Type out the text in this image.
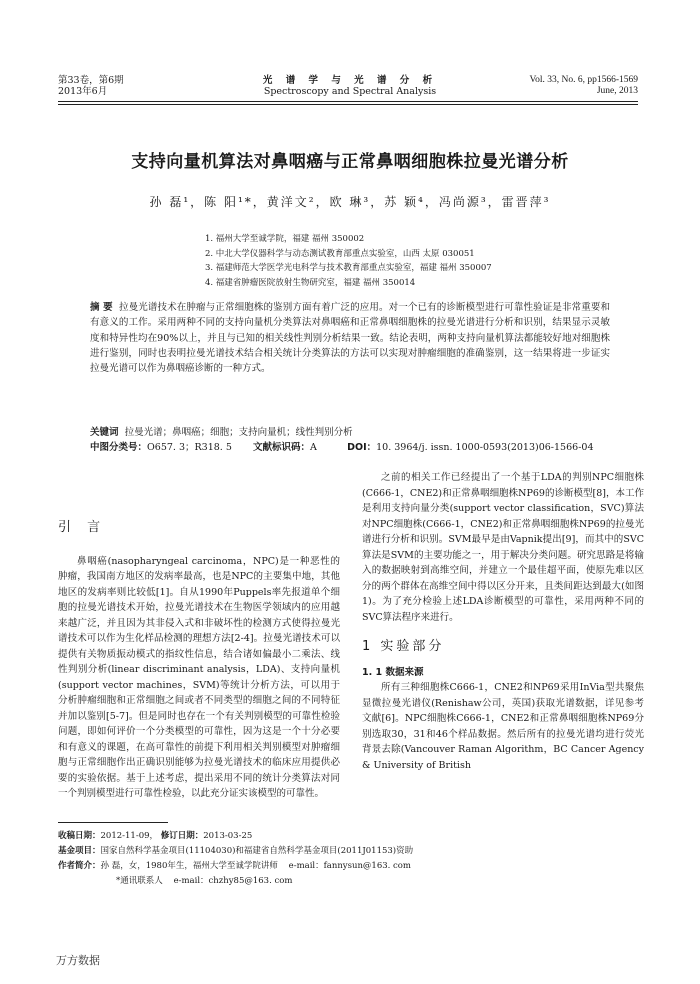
第33卷，第6期
2013年6月
光 谱 学 与 光 谱 分 析
Spectroscopy and Spectral Analysis
Vol. 33, No. 6, pp1566-1569
June, 2013
支持向量机算法对鼻咽癌与正常鼻咽细胞株拉曼光谱分析
孙 磊¹，陈 阳¹*，黄洋文²，欧 琳³，苏 颖⁴，冯尚源³，雷晋萍³
1. 福州大学至诚学院，福建 福州 350002
2. 中北大学仪器科学与动态测试教育部重点实验室，山西 太原 030051
3. 福建师范大学医学光电科学与技术教育部重点实验室，福建 福州 350007
4. 福建省肿瘤医院放射生物研究室，福建 福州 350014
摘 要 拉曼光谱技术在肿瘤与正常细胞株的鉴别方面有着广泛的应用。对一个已有的诊断模型进行可靠性验证是非常重要和有意义的工作。采用两种不同的支持向量机分类算法对鼻咽癌和正常鼻咽细胞株的拉曼光谱进行分析和识别，结果显示灵敏度和特异性均在90%以上，并且与已知的相关线性判别分析结果一致。结论表明，两种支持向量机算法都能较好地对细胞株进行鉴别，同时也表明拉曼光谱技术结合相关统计分类算法的方法可以实现对肿瘤细胞的准确鉴别，这一结果将进一步证实拉曼光谱可以作为鼻咽癌诊断的一种方式。
关键词 拉曼光谱；鼻咽癌；细胞；支持向量机；线性判别分析
中图分类号：O657. 3；R318. 5 文献标识码：A	DOI：10. 3964/j. issn. 1000-0593(2013)06-1566-04
引 言

鼻咽癌(nasopharyngeal carcinoma，NPC)是一种恶性的肿瘤，我国南方地区的发病率最高，也是NPC的主要集中地，其他地区的发病率则比较低[1]。自从1990年Puppels率先报道单个细胞的拉曼光谱技术开始，拉曼光谱技术在生物医学领域内的应用越来越广泛，并且因为其非侵入式和非破坏性的检测方式使得拉曼光谱技术可以作为生化样品检测的理想方法[2-4]。拉曼光谱技术可以提供有关物质振动模式的指纹性信息，结合诸如偏最小二乘法、线性判别分析(linear discriminant analysis，LDA)、支持向量机(support vector machines，SVM)等统计分析方法，可以用于分析肿瘤细胞和正常细胞之间或者不同类型的细胞之间的不同特征并加以鉴别[5-7]。但是同时也存在一个有关判别模型的可靠性检验问题，即如何评价一个分类模型的可靠性，因为这是一个十分必要和有意义的课题，在高可靠性的前提下利用相关判别模型对肿瘤细胞与正常细胞作出正确识别能够为拉曼光谱技术的临床应用提供必要的实验依据。基于上述考虑，提出采用不同的统计分类算法对同一个判别模型进行可靠性检验，以此充分证实该模型的可靠性。

之前的相关工作已经提出了一个基于LDA的判别NPC细胞株(C666-1，CNE2)和正常鼻咽细胞株NP69的诊断模型[8]，本工作是利用支持向量分类(support vector classification，SVC)算法对NPC细胞株(C666-1，CNE2)和正常鼻咽细胞株NP69的拉曼光谱进行分析和识别。SVM最早是由Vapnik提出[9]，而其中的SVC算法是SVM的主要功能之一，用于解决分类问题。研究思路是将输入的数据映射到高维空间，并建立一个最佳超平面，使原先难以区分的两个群体在高维空间中得以区分开来，且类间距达到最大(如图1)。为了充分检验上述LDA诊断模型的可靠性，采用两种不同的SVC算法程序来进行。

1 实验部分
1. 1 数据来源

所有三种细胞株C666-1，CNE2和NP69采用InVia型共聚焦显微拉曼光谱仪(Renishaw公司，英国)获取光谱数据，详见参考文献[6]。NPC细胞株C666-1，CNE2和正常鼻咽细胞株NP69分别选取30，31和46个样品数据。然后所有的拉曼光谱均进行荧光背景去除(Vancouver Raman Algorithm，BC Cancer Agency & University of British

收稿日期：2012-11-09， 修订日期：2013-03-25
基金项目：国家自然科学基金项目(11104030)和福建省自然科学基金项目(2011J01153)资助
作者简介：孙 磊，女，1980年生，福州大学至诚学院讲师 e-mail：fannysun@163. com
*通讯联系人 e-mail：chzhy85@163. com
万方数据
